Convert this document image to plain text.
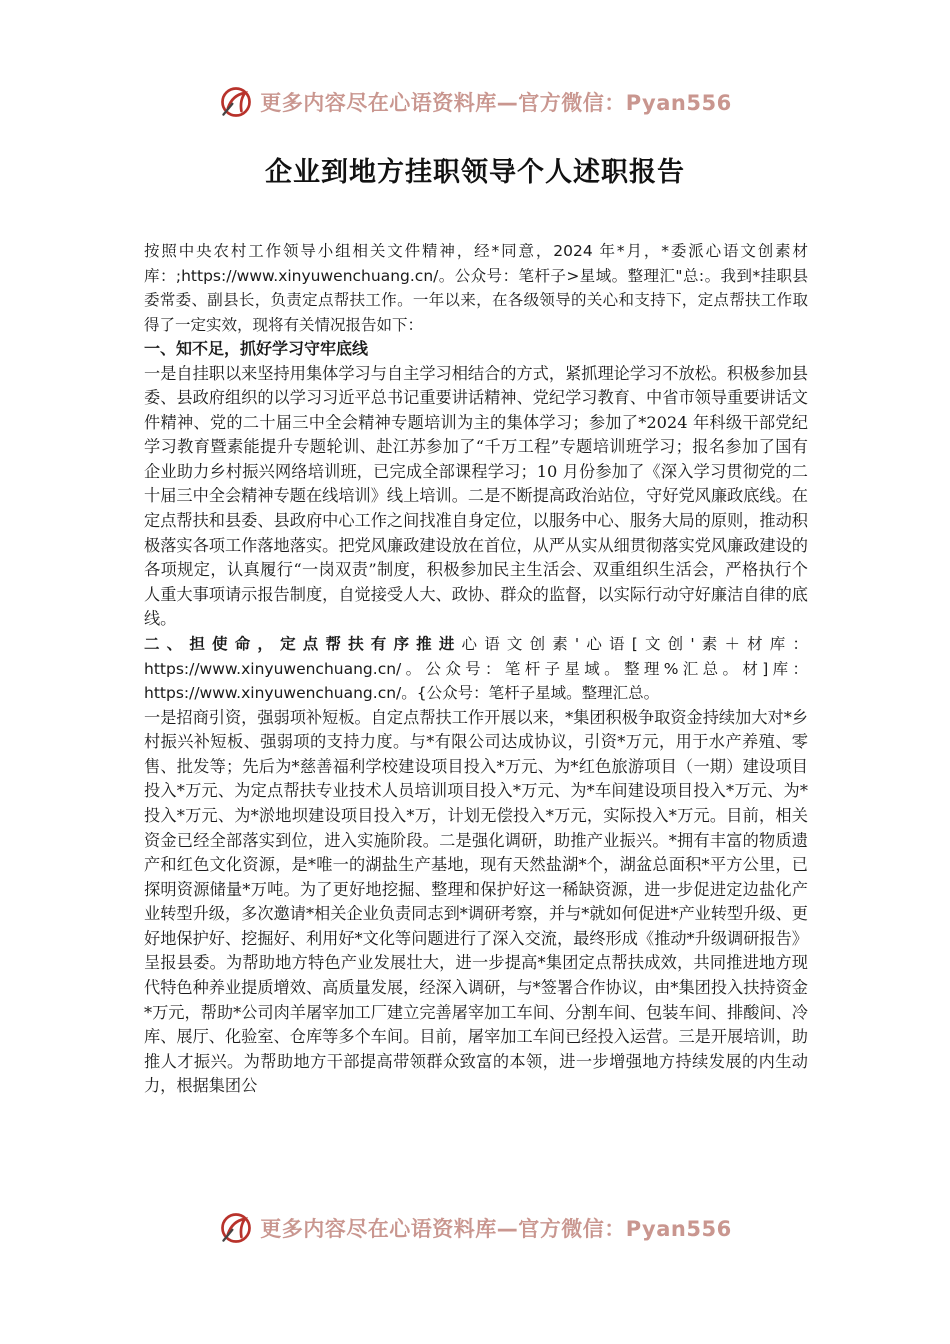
更多内容尽在心语资料库—官方微信：Pyan556
企业到地方挂职领导个人述职报告

按照中央农村工作领导小组相关文件精神，经*同意，2024 年*月，*委派心语文创素材库：;https://www.xinyuwenchuang.cn/。公众号：笔杆子>星域。整理汇"总:。我到*挂职县委常委、副县长，负责定点帮扶工作。一年以来，在各级领导的关心和支持下，定点帮扶工作取得了一定实效，现将有关情况报告如下：

一、知不足，抓好学习守牢底线

一是自挂职以来坚持用集体学习与自主学习相结合的方式，紧抓理论学习不放松。积极参加县委、县政府组织的以学习习近平总书记重要讲话精神、党纪学习教育、中省市领导重要讲话文件精神、党的二十届三中全会精神专题培训为主的集体学习；参加了*2024 年科级干部党纪学习教育暨素能提升专题轮训、赴江苏参加了“千万工程”专题培训班学习；报名参加了国有企业助力乡村振兴网络培训班，已完成全部课程学习；10 月份参加了《深入学习贯彻党的二十届三中全会精神专题在线培训》线上培训。二是不断提高政治站位，守好党风廉政底线。在定点帮扶和县委、县政府中心工作之间找准自身定位，以服务中心、服务大局的原则，推动积极落实各项工作落地落实。把党风廉政建设放在首位，从严从实从细贯彻落实党风廉政建设的各项规定，认真履行“一岗双责”制度，积极参加民主生活会、双重组织生活会，严格执行个人重大事项请示报告制度，自觉接受人大、政协、群众的监督，以实际行动守好廉洁自律的底线。

二、担使命，定点帮扶有序推进心语文创素'心语[文创'素＋材库：https://www.xinyuwenchuang.cn/。公众号：笔杆子星域。整理%汇总。材]库：https://www.xinyuwenchuang.cn/。{公众号：笔杆子星域。整理汇总。

一是招商引资，强弱项补短板。自定点帮扶工作开展以来，*集团积极争取资金持续加大对*乡村振兴补短板、强弱项的支持力度。与*有限公司达成协议，引资*万元，用于水产养殖、零售、批发等；先后为*慈善福利学校建设项目投入*万元、为*红色旅游项目（一期）建设项目投入*万元、为定点帮扶专业技术人员培训项目投入*万元、为*车间建设项目投入*万元、为*投入*万元、为*淤地坝建设项目投入*万，计划无偿投入*万元，实际投入*万元。目前，相关资金已经全部落实到位，进入实施阶段。二是强化调研，助推产业振兴。*拥有丰富的物质遗产和红色文化资源，是*唯一的湖盐生产基地，现有天然盐湖*个，湖盆总面积*平方公里，已探明资源储量*万吨。为了更好地挖掘、整理和保护好这一稀缺资源，进一步促进定边盐化产业转型升级，多次邀请*相关企业负责同志到*调研考察，并与*就如何促进*产业转型升级、更好地保护好、挖掘好、利用好*文化等问题进行了深入交流，最终形成《推动*升级调研报告》呈报县委。为帮助地方特色产业发展壮大，进一步提高*集团定点帮扶成效，共同推进地方现代特色种养业提质增效、高质量发展，经深入调研，与*签署合作协议，由*集团投入扶持资金*万元，帮助*公司肉羊屠宰加工厂建立完善屠宰加工车间、分割车间、包装车间、排酸间、冷库、展厅、化验室、仓库等多个车间。目前，屠宰加工车间已经投入运营。三是开展培训，助推人才振兴。为帮助地方干部提高带领群众致富的本领，进一步增强地方持续发展的内生动力，根据集团公

更多内容尽在心语资料库—官方微信：Pyan556
